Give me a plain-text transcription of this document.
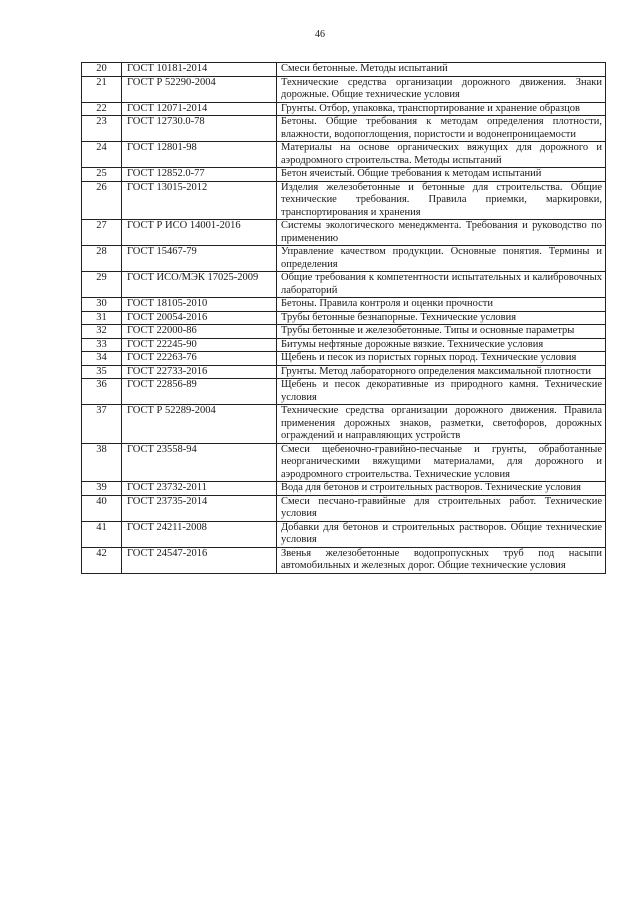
46
20	ГОСТ 10181-2014	Смеси бетонные. Методы испытаний
21	ГОСТ Р 52290-2004	Технические средства организации дорожного движения. Знаки дорожные. Общие технические условия
22	ГОСТ 12071-2014	Грунты. Отбор, упаковка, транспортирование и хранение образцов
23	ГОСТ 12730.0-78	Бетоны. Общие требования к методам определения плотности, влажности, водопоглощения, пористости и водонепроницаемости
24	ГОСТ 12801-98	Материалы на основе органических вяжущих для дорожного и аэродромного строительства. Методы испытаний
25	ГОСТ 12852.0-77	Бетон ячеистый. Общие требования к методам испытаний
26	ГОСТ 13015-2012	Изделия железобетонные и бетонные для строительства. Общие технические требования. Правила приемки, маркировки, транспортирования и хранения
27	ГОСТ Р ИСО 14001-2016	Системы экологического менеджмента. Требования и руководство по применению
28	ГОСТ 15467-79	Управление качеством продукции. Основные понятия. Термины и определения
29	ГОСТ ИСО/МЭК 17025-2009	Общие требования к компетентности испытательных и калибровочных лабораторий
30	ГОСТ 18105-2010	Бетоны. Правила контроля и оценки прочности
31	ГОСТ 20054-2016	Трубы бетонные безнапорные. Технические условия
32	ГОСТ 22000-86	Трубы бетонные и железобетонные. Типы и основные параметры
33	ГОСТ 22245-90	Битумы нефтяные дорожные вязкие. Технические условия
34	ГОСТ 22263-76	Щебень и песок из пористых горных пород. Технические условия
35	ГОСТ 22733-2016	Грунты. Метод лабораторного определения максимальной плотности
36	ГОСТ 22856-89	Щебень и песок декоративные из природного камня. Технические условия
37	ГОСТ Р 52289-2004	Технические средства организации дорожного движения. Правила применения дорожных знаков, разметки, светофоров, дорожных ограждений и направляющих устройств
38	ГОСТ 23558-94	Смеси щебеночно-гравийно-песчаные и грунты, обработанные неорганическими вяжущими материалами, для дорожного и аэродромного строительства. Технические условия
39	ГОСТ 23732-2011	Вода для бетонов и строительных растворов. Технические условия
40	ГОСТ 23735-2014	Смеси песчано-гравийные для строительных работ. Технические условия
41	ГОСТ 24211-2008	Добавки для бетонов и строительных растворов. Общие технические условия
42	ГОСТ 24547-2016	Звенья железобетонные водопропускных труб под насыпи автомобильных и железных дорог. Общие технические условия
